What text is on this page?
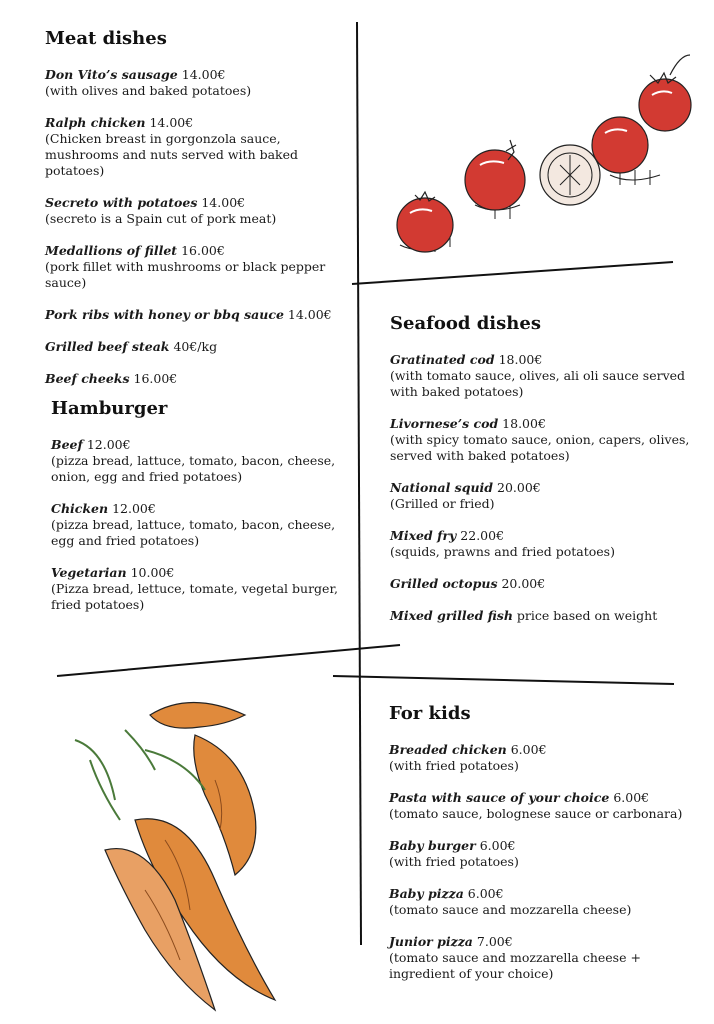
Meat dishes
Don Vito’s sausage 14.00€
(with olives and baked potatoes)
Ralph chicken 14.00€
(Chicken breast in gorgonzola sauce, mushrooms and nuts served with baked potatoes)
Secreto with potatoes 14.00€
(secreto is a Spain cut of pork meat)
Medallions of fillet 16.00€
(pork fillet with mushrooms or black pepper sauce)
Pork ribs with honey or bbq sauce 14.00€
Grilled beef steak 40€/kg
Beef cheeks 16.00€
Hamburger
Beef 12.00€
(pizza bread, lattuce, tomato, bacon, cheese, onion, egg and fried potatoes)
Chicken 12.00€
(pizza bread, lattuce, tomato, bacon, cheese, egg and fried potatoes)
Vegetarian 10.00€
(Pizza bread, lettuce, tomate, vegetal burger, fried potatoes)
Seafood dishes
Gratinated cod 18.00€
(with tomato sauce, olives, ali oli sauce served with baked potatoes)
Livornese’s cod 18.00€
(with spicy tomato sauce, onion, capers, olives, served with baked potatoes)
National squid 20.00€
(Grilled or fried)
Mixed fry 22.00€
(squids, prawns and fried potatoes)
Grilled octopus 20.00€
Mixed grilled fish price based on weight
For kids
Breaded chicken 6.00€
(with fried potatoes)
Pasta with sauce of your choice 6.00€
(tomato sauce, bolognese sauce or carbonara)
Baby burger 6.00€
(with fried potatoes)
Baby pizza 6.00€
(tomato sauce and mozzarella cheese)
Junior pizza 7.00€
(tomato sauce and mozzarella cheese + ingredient of your choice)
